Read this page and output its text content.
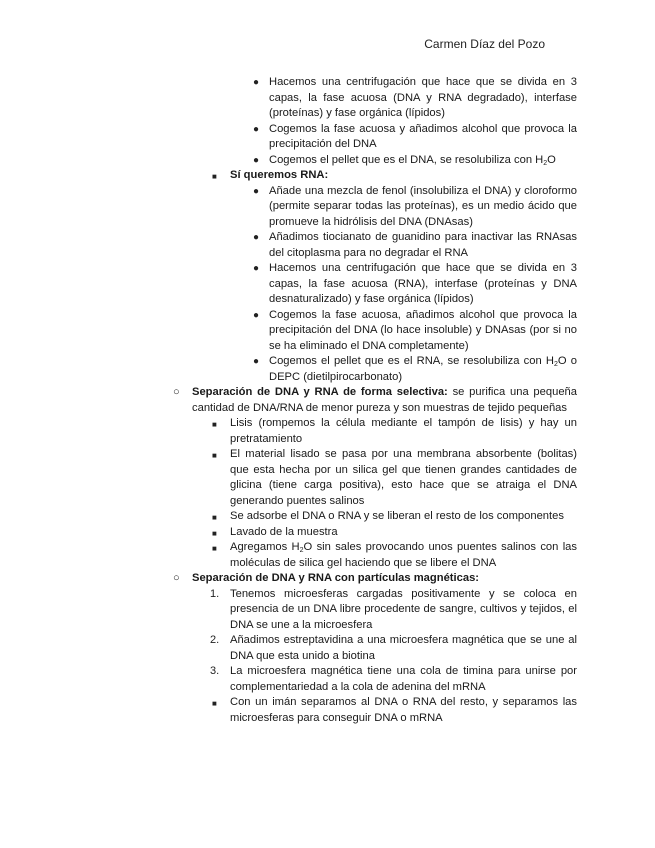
Carmen Díaz del Pozo
● Hacemos una centrifugación que hace que se divida en 3 capas, la fase acuosa (DNA y RNA degradado), interfase (proteínas) y fase orgánica (lípidos)

● Cogemos la fase acuosa y añadimos alcohol que provoca la precipitación del DNA

● Cogemos el pellet que es el DNA, se resolubiliza con $H_2O$

■ Sí queremos RNA:

● Añade una mezcla de fenol (insolubiliza el DNA) y cloroformo (permite separar todas las proteínas), es un medio ácido que promueve la hidrólisis del DNA (DNAsas)

● Añadimos tiocianato de guanidino para inactivar las RNAsas del citoplasma para no degradar el RNA

● Hacemos una centrifugación que hace que se divida en 3 capas, la fase acuosa (RNA), interfase (proteínas y DNA desnaturalizado) y fase orgánica (lípidos)

● Cogemos la fase acuosa, añadimos alcohol que provoca la precipitación del DNA (lo hace insoluble) y DNAsas (por si no se ha eliminado el DNA completamente)

● Cogemos el pellet que es el RNA, se resolubiliza con $H_2O$ o DEPC (dietilpirocarbonato)

○ Separación de DNA y RNA de forma selectiva: se purifica una pequeña cantidad de DNA/RNA de menor pureza y son muestras de tejido pequeñas

■ Lisis (rompemos la célula mediante el tampón de lisis) y hay un pretratamiento

■ El material lisado se pasa por una membrana absorbente (bolitas) que esta hecha por un silica gel que tienen grandes cantidades de glicina (tiene carga positiva), esto hace que se atraiga el DNA generando puentes salinos

■ Se adsorbe el DNA o RNA y se liberan el resto de los componentes

■ Lavado de la muestra

■ Agregamos $H_2O$ sin sales provocando unos puentes salinos con las moléculas de silica gel haciendo que se libere el DNA

○ Separación de DNA y RNA con partículas magnéticas:

1. Tenemos microesferas cargadas positivamente y se coloca en presencia de un DNA libre procedente de sangre, cultivos y tejidos, el DNA se une a la microesfera

2. Añadimos estreptavidina a una microesfera magnética que se une al DNA que esta unido a biotina

3. La microesfera magnética tiene una cola de timina para unirse por complementariedad a la cola de adenina del mRNA

■ Con un imán separamos al DNA o RNA del resto, y separamos las microesferas para conseguir DNA o mRNA
